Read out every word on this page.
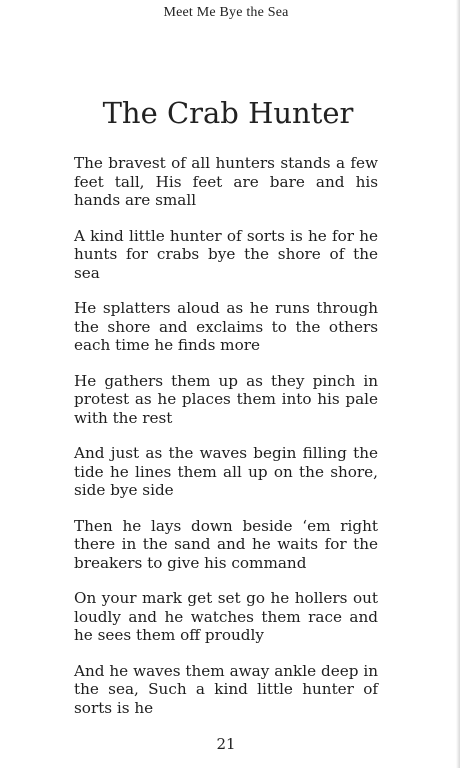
Meet Me Bye the Sea
The Crab Hunter
The bravest of all hunters stands a few feet tall, His feet are bare and his hands are small
A kind little hunter of sorts is he for he hunts for crabs bye the shore of the sea
He splatters aloud as he runs through the shore and exclaims to the others each time he finds more
He gathers them up as they pinch in protest as he places them into his pale with the rest
And just as the waves begin filling the tide he lines them all up on the shore, side bye side
Then he lays down beside ‘em right there in the sand and he waits for the breakers to give his command
On your mark get set go he hollers out loudly and he watches them race and he sees them off proudly
And he waves them away ankle deep in the sea, Such a kind little hunter of sorts is he
21
